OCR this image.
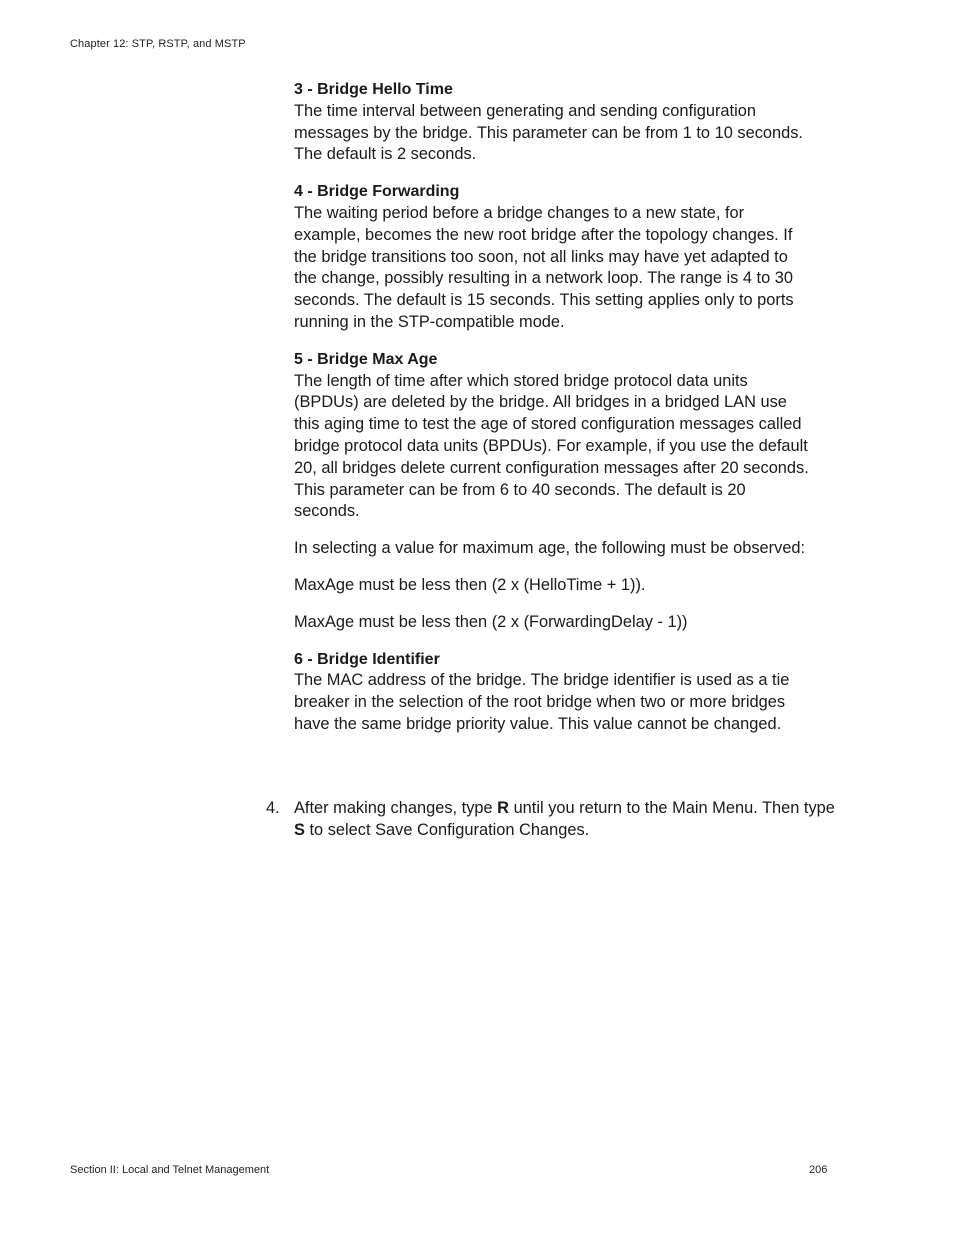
Chapter 12: STP, RSTP, and MSTP
3 - Bridge Hello Time
The time interval between generating and sending configuration messages by the bridge. This parameter can be from 1 to 10 seconds. The default is 2 seconds.
4 - Bridge Forwarding
The waiting period before a bridge changes to a new state, for example, becomes the new root bridge after the topology changes. If the bridge transitions too soon, not all links may have yet adapted to the change, possibly resulting in a network loop. The range is 4 to 30 seconds. The default is 15 seconds. This setting applies only to ports running in the STP-compatible mode.
5 - Bridge Max Age
The length of time after which stored bridge protocol data units (BPDUs) are deleted by the bridge. All bridges in a bridged LAN use this aging time to test the age of stored configuration messages called bridge protocol data units (BPDUs). For example, if you use the default 20, all bridges delete current configuration messages after 20 seconds. This parameter can be from 6 to 40 seconds. The default is 20 seconds.

In selecting a value for maximum age, the following must be observed:

MaxAge must be less then (2 x (HelloTime + 1)).

MaxAge must be less then (2 x (ForwardingDelay - 1))

6 - Bridge Identifier
The MAC address of the bridge. The bridge identifier is used as a tie breaker in the selection of the root bridge when two or more bridges have the same bridge priority value. This value cannot be changed.
4. After making changes, type R until you return to the Main Menu. Then type S to select Save Configuration Changes.
Section II: Local and Telnet Management	206
